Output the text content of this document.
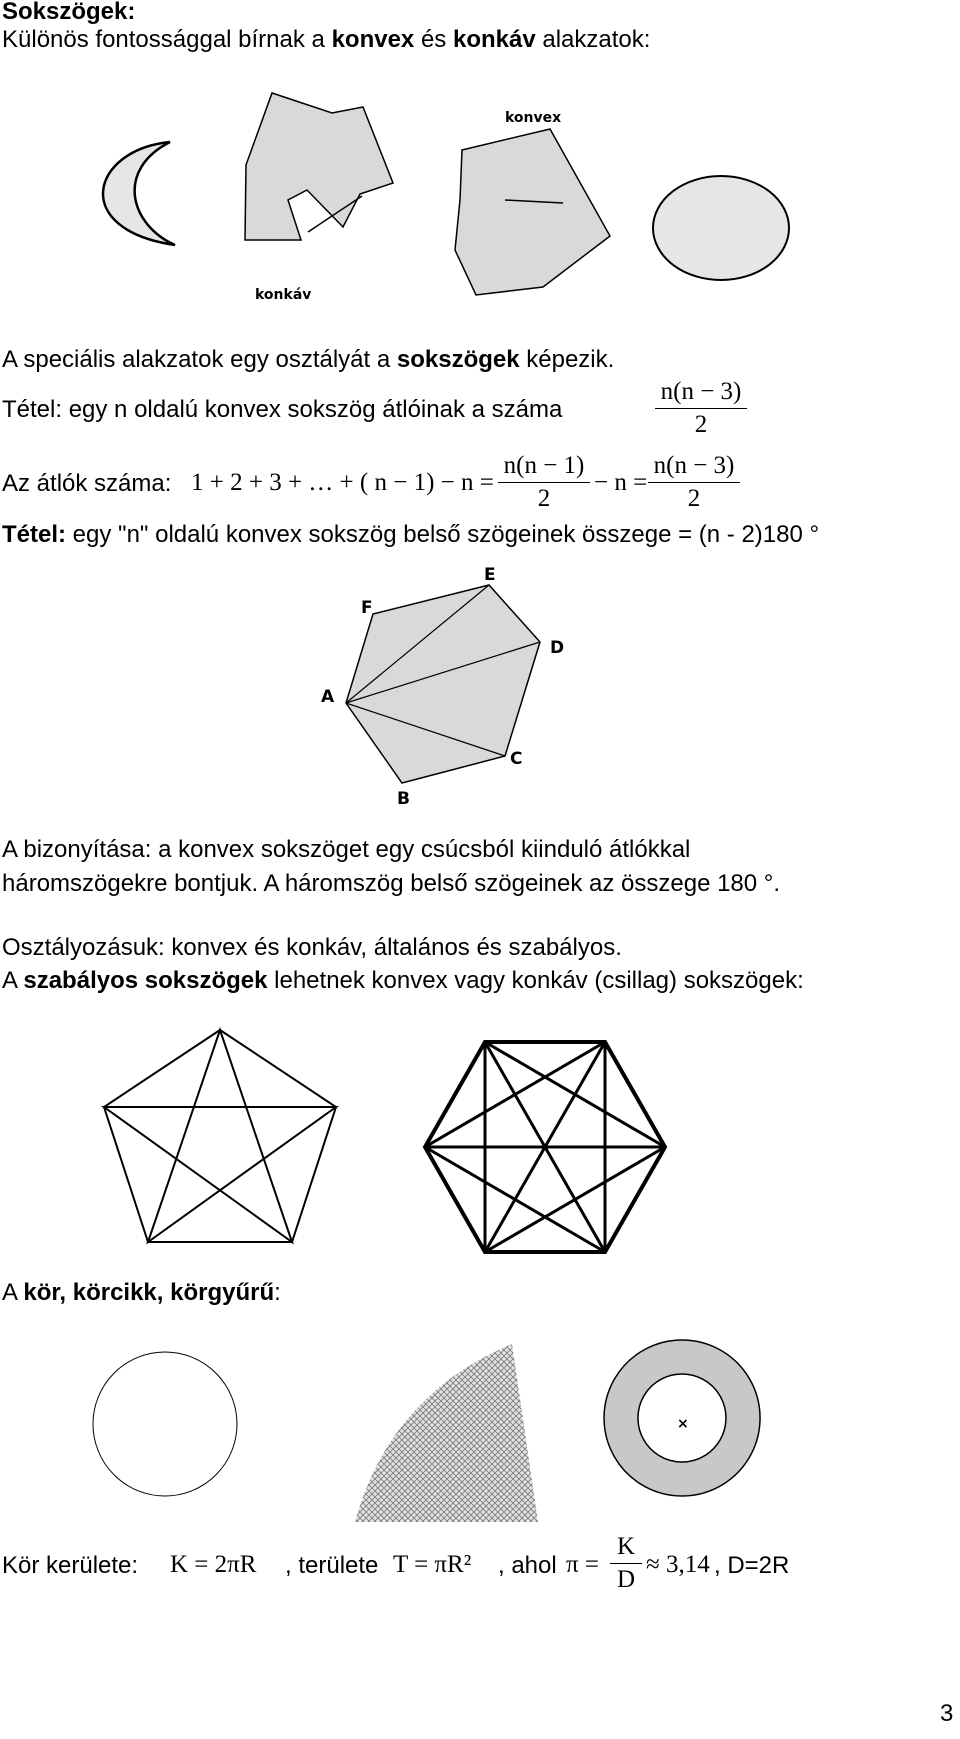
Sokszögek:
Különös fontossággal bírnak a konvex és konkáv alakzatok:
konvex
konkáv
A speciális alakzatok egy osztályát a sokszögek képezik.
Tétel: egy n oldalú konvex sokszög átlóinak a száma	$\frac{n(n - 3)}{2}$
Az átlók száma: 1 + 2 + 3 + … + ( $n - 1) - n = \frac{n(n - 1)}{2} - n = \frac{n(n - 3)}{2}$
Tétel: egy "n" oldalú konvex sokszög belső szögeinek összege = (n - 2)180 °
A
B
C
D
E
F
A bizonyítása: a konvex sokszöget egy csúcsból kiinduló átlókkal
háromszögekre bontjuk. A háromszög belső szögeinek az összege 180 °.
Osztályozásuk: konvex és konkáv, általános és szabályos.
A szabályos sokszögek lehetnek konvex vagy konkáv (csillag) sokszögek:
A kör, körcikk, körgyűrű:
×
Kör kerülete: K = 2πR , területe T = πR² , ahol $\pi = \frac{K}{D} \approx 3,14$ , D=2R
3
